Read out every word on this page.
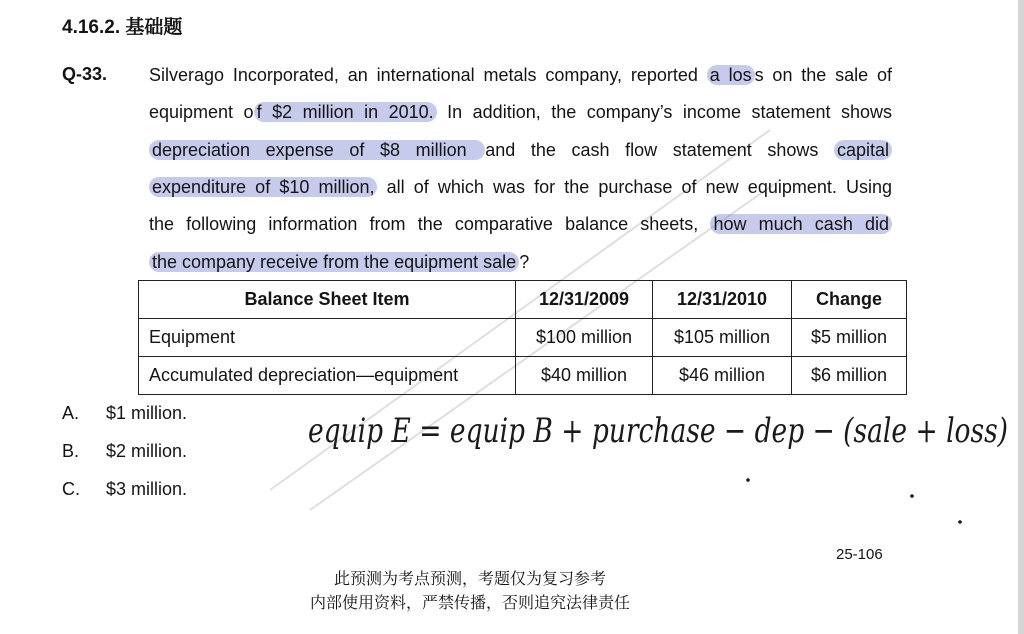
4.16.2. 基础题
Q-33. Silverago Incorporated, an international metals company, reported a los s on the sale of
equipment o f $2 million in 2010. In addition, the company’s income statement shows
depreciation expense of $8 million and the cash flow statement shows capital
expenditure of $10 million, all of which was for the purchase of new equipment. Using
the following information from the comparative balance sheets, how much cash did
the company receive from the equipment sale ?
Balance Sheet Item	12/31/2009	12/31/2010	Change
Equipment	$100 million	$105 million	$5 million
Accumulated depreciation—equipment	$40 million	$46 million	$6 million
A. $1 million.
B. $2 million.
C. $3 million.
equip E = equip B + purchase − dep − (sale + loss)
25-106
此预测为考点预测，考题仅为复习参考
内部使用资料，严禁传播，否则追究法律责任
